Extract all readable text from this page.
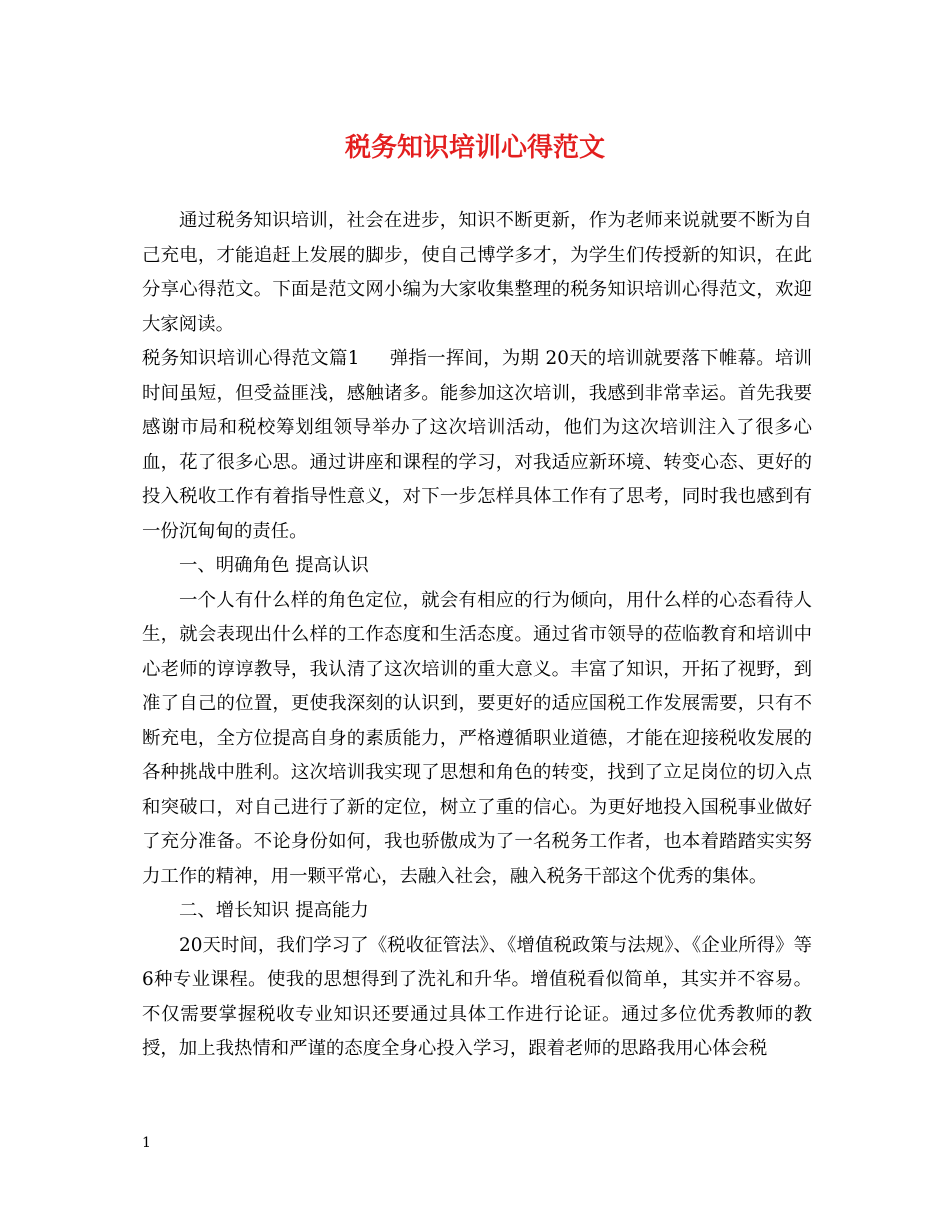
税务知识培训心得范文

通过税务知识培训，社会在进步，知识不断更新，作为老师来说就要不断为自己充电，才能追赶上发展的脚步，使自己博学多才，为学生们传授新的知识，在此分享心得范文。下面是范文网小编为大家收集整理的税务知识培训心得范文，欢迎大家阅读。

税务知识培训心得范文篇1 弹指一挥间，为期 20天的培训就要落下帷幕。培训时间虽短，但受益匪浅，感触诸多。能参加这次培训，我感到非常幸运。首先我要感谢市局和税校筹划组领导举办了这次培训活动，他们为这次培训注入了很多心血，花了很多心思。通过讲座和课程的学习，对我适应新环境、转变心态、更好的投入税收工作有着指导性意义，对下一步怎样具体工作有了思考，同时我也感到有一份沉甸甸的责任。

一、明确角色 提高认识

一个人有什么样的角色定位，就会有相应的行为倾向，用什么样的心态看待人生，就会表现出什么样的工作态度和生活态度。通过省市领导的莅临教育和培训中心老师的谆谆教导，我认清了这次培训的重大意义。丰富了知识，开拓了视野，到准了自己的位置，更使我深刻的认识到，要更好的适应国税工作发展需要，只有不断充电，全方位提高自身的素质能力，严格遵循职业道德，才能在迎接税收发展的各种挑战中胜利。这次培训我实现了思想和角色的转变，找到了立足岗位的切入点和突破口，对自己进行了新的定位，树立了重的信心。为更好地投入国税事业做好了充分准备。不论身份如何，我也骄傲成为了一名税务工作者，也本着踏踏实实努力工作的精神，用一颗平常心，去融入社会，融入税务干部这个优秀的集体。

二、增长知识 提高能力

20天时间，我们学习了《税收征管法》、《增值税政策与法规》、《企业所得》等6种专业课程。使我的思想得到了洗礼和升华。增值税看似简单，其实并不容易。不仅需要掌握税收专业知识还要通过具体工作进行论证。通过多位优秀教师的教授，加上我热情和严谨的态度全身心投入学习，跟着老师的思路我用心体会税

1
